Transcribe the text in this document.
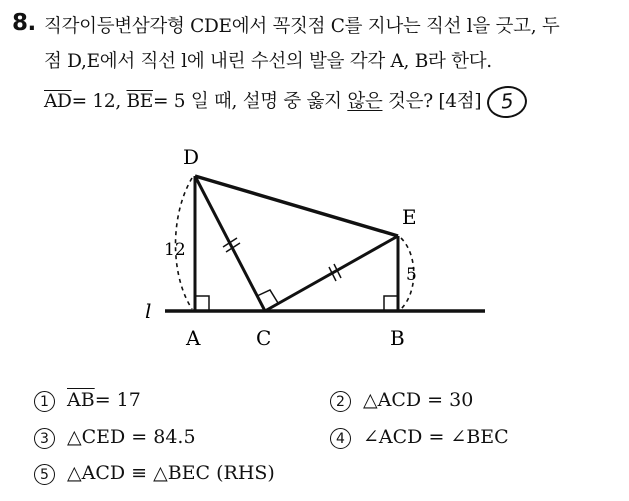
8. 직각이등변삼각형 CDE에서 꼭짓점 C를 지나는 직선 l을 긋고, 두
점 D,E에서 직선 l에 내린 수선의 발을 각각 A, B라 한다.
$\overline{AD}= 12$, $\overline{BE}= 5$ 일 때, 설명 중 옳지 않은 것은? [4점] 5
D
E
A	C	B
l
12
5
1 $\overline{AB}= 17$	2 △ACD = 30
3 △CED = 84.5	4 ∠ACD = ∠BEC
5 △ACD ≡ △BEC (RHS)
